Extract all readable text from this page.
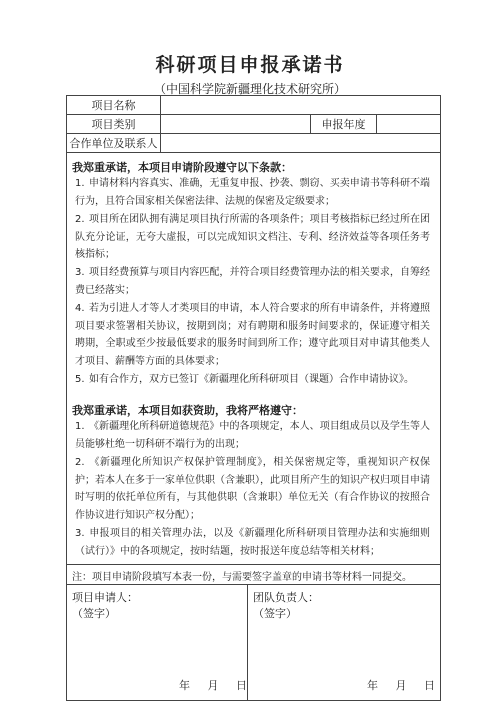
科研项目申报承诺书
（中国科学院新疆理化技术研究所）
项目名称
项目类别	申报年度
合作单位及联系人
我郑重承诺，本项目申请阶段遵守以下条款：
1. 申请材料内容真实、准确，无重复申报、抄袭、剽窃、买卖申请书等科研不端行为，且符合国家相关保密法律、法规的保密及定级要求；
2. 项目所在团队拥有满足项目执行所需的各项条件；项目考核指标已经过所在团队充分论证，无夸大虚报，可以完成知识文档注、专利、经济效益等各项任务考核指标；
3. 项目经费预算与项目内容匹配，并符合项目经费管理办法的相关要求，自筹经费已经落实；
4. 若为引进人才等人才类项目的申请，本人符合要求的所有申请条件，并将遵照项目要求签署相关协议，按期到岗；对有聘期和服务时间要求的，保证遵守相关聘期，全职或至少按最低要求的服务时间到所工作；遵守此项目对申请其他类人才项目、薪酬等方面的具体要求；
5. 如有合作方，双方已签订《新疆理化所科研项目（课题）合作申请协议》。
我郑重承诺，本项目如获资助，我将严格遵守：
1. 《新疆理化所科研道德规范》中的各项规定，本人、项目组成员以及学生等人员能够杜绝一切科研不端行为的出现；
2. 《新疆理化所知识产权保护管理制度》，相关保密规定等，重视知识产权保护；若本人在多于一家单位供职（含兼职），此项目所产生的知识产权归项目申请时写明的依托单位所有，与其他供职（含兼职）单位无关（有合作协议的按照合作协议进行知识产权分配）；
3. 申报项目的相关管理办法，以及《新疆理化所科研项目管理办法和实施细则（试行）》中的各项规定，按时结题，按时报送年度总结等相关材料；
注：项目申请阶段填写本表一份，与需要签字盖章的申请书等材料一同提交。
项目申请人：
（签字）
年 月 日
团队负责人：
（签字）
年 月 日
